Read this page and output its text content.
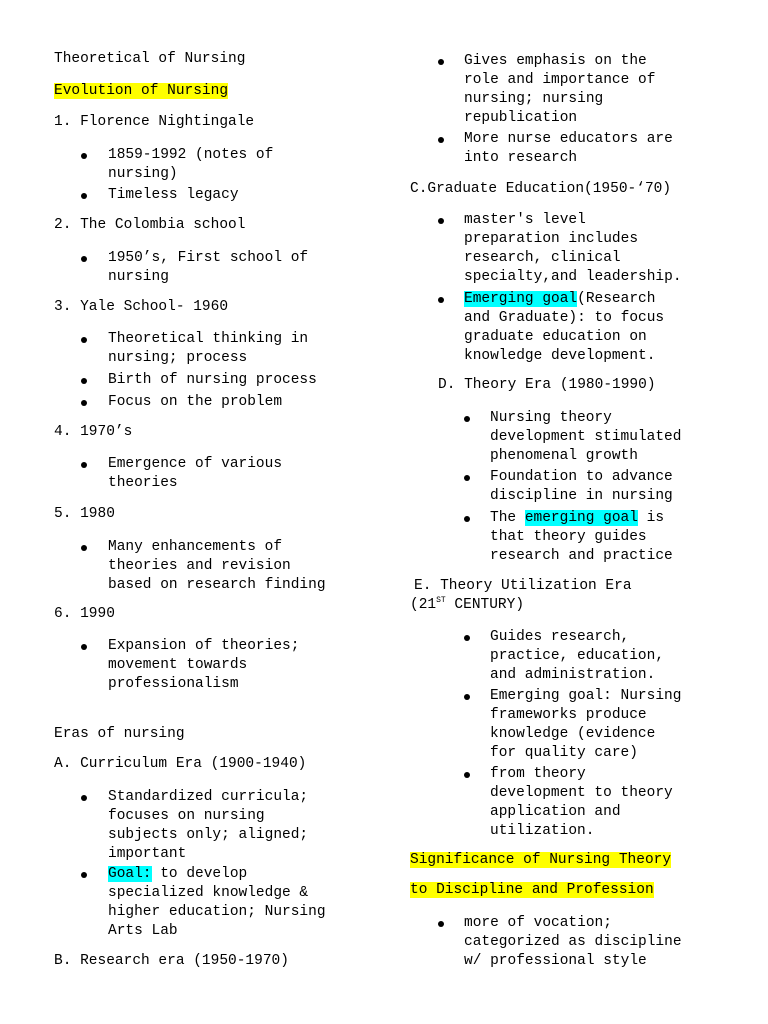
Theoretical of Nursing
Evolution of Nursing
1. Florence Nightingale
1859-1992 (notes of
nursing)
Timeless legacy
2. The Colombia school
1950’s, First school of
nursing
3. Yale School- 1960
Theoretical thinking in
nursing; process
Birth of nursing process
Focus on the problem
4. 1970’s
Emergence of various
theories
5. 1980
Many enhancements of
theories and revision
based on research finding
6. 1990
Expansion of theories;
movement towards
professionalism
Eras of nursing
A. Curriculum Era (1900-1940)
Standardized curricula;
focuses on nursing
subjects only; aligned;
important
Goal: to develop
specialized knowledge &
higher education; Nursing
Arts Lab
B. Research era (1950-1970)
Gives emphasis on the
role and importance of
nursing; nursing
republication
More nurse educators are
into research
C.Graduate Education(1950-‘70)
master's level
preparation includes
research, clinical
specialty,and leadership.
Emerging goal(Research
and Graduate): to focus
graduate education on
knowledge development.
D. Theory Era (1980-1990)
Nursing theory
development stimulated
phenomenal growth
Foundation to advance
discipline in nursing
The emerging goal is
that theory guides
research and practice
E. Theory Utilization Era
(21ST CENTURY)
Guides research,
practice, education,
and administration.
Emerging goal: Nursing
frameworks produce
knowledge (evidence
for quality care)
from theory
development to theory
application and
utilization.
Significance of Nursing Theory
to Discipline and Profession
more of vocation;
categorized as discipline
w/ professional style
